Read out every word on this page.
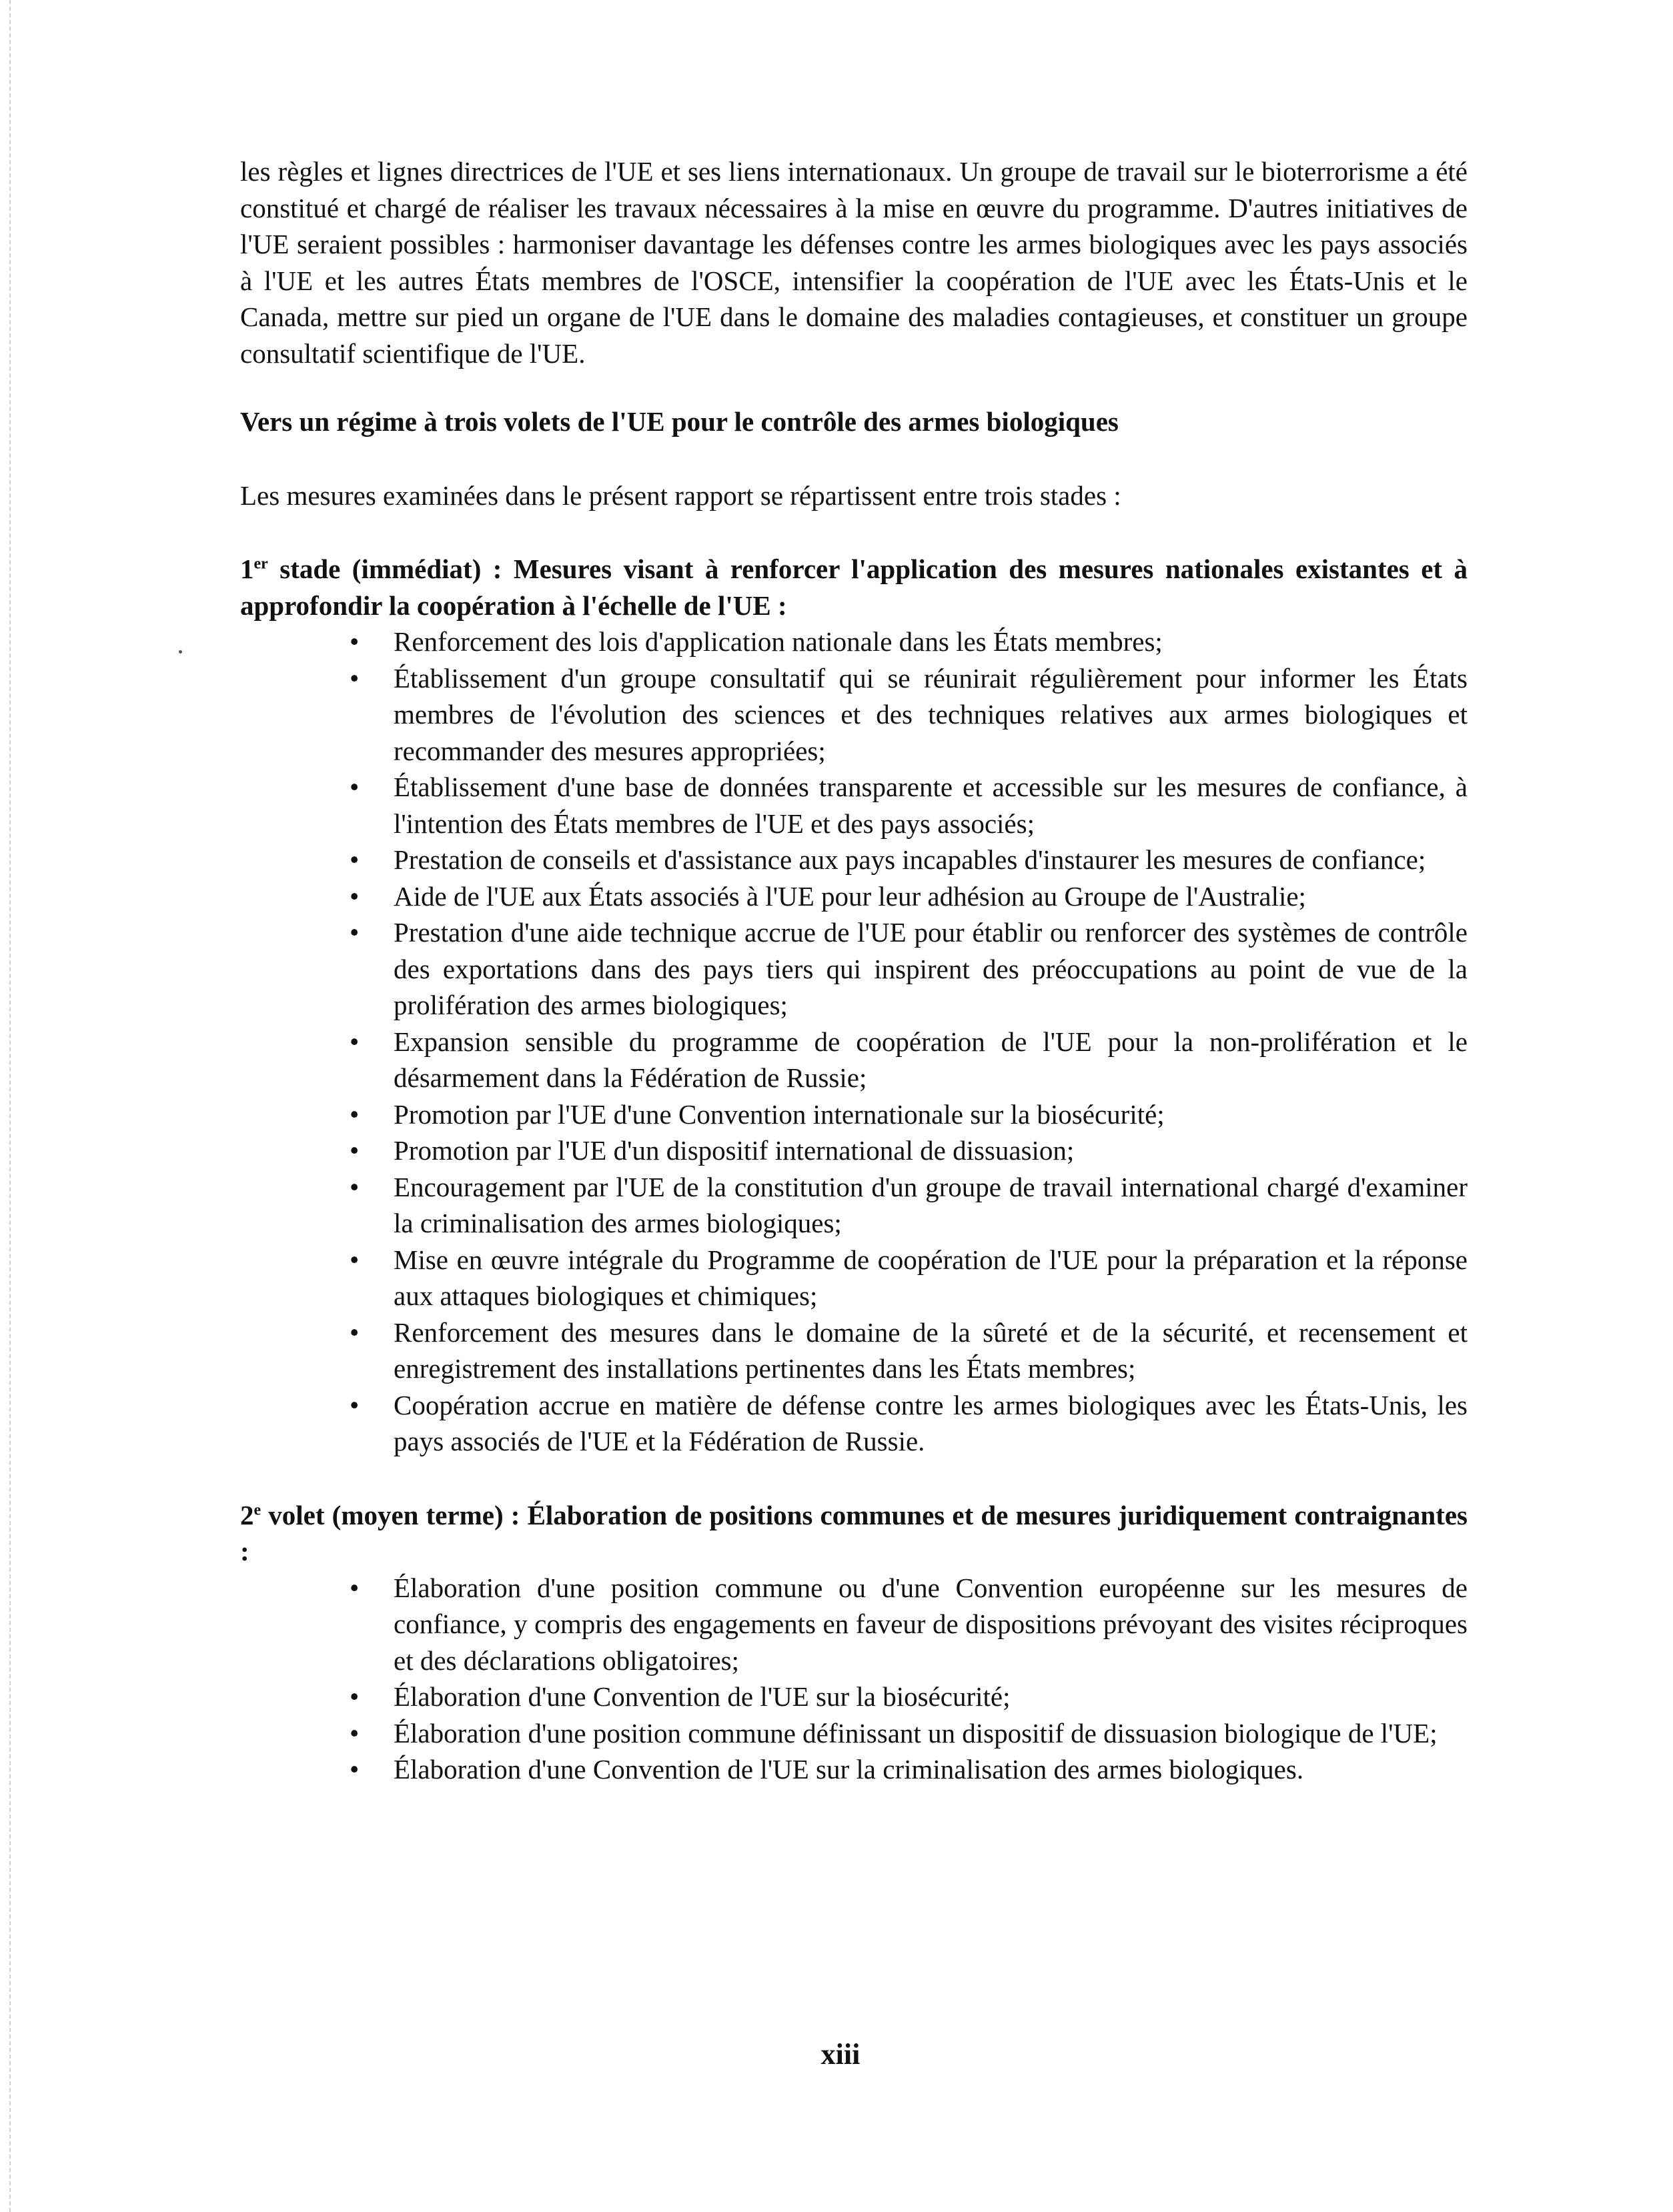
les règles et lignes directrices de l'UE et ses liens internationaux. Un groupe de travail sur le bioterrorisme a été constitué et chargé de réaliser les travaux nécessaires à la mise en œuvre du programme. D'autres initiatives de l'UE seraient possibles : harmoniser davantage les défenses contre les armes biologiques avec les pays associés à l'UE et les autres États membres de l'OSCE, intensifier la coopération de l'UE avec les États-Unis et le Canada, mettre sur pied un organe de l'UE dans le domaine des maladies contagieuses, et constituer un groupe consultatif scientifique de l'UE.

Vers un régime à trois volets de l'UE pour le contrôle des armes biologiques

Les mesures examinées dans le présent rapport se répartissent entre trois stades :

1er stade (immédiat) : Mesures visant à renforcer l'application des mesures nationales existantes et à approfondir la coopération à l'échelle de l'UE :

• Renforcement des lois d'application nationale dans les États membres;
• Établissement d'un groupe consultatif qui se réunirait régulièrement pour informer les États membres de l'évolution des sciences et des techniques relatives aux armes biologiques et recommander des mesures appropriées;
• Établissement d'une base de données transparente et accessible sur les mesures de confiance, à l'intention des États membres de l'UE et des pays associés;
• Prestation de conseils et d'assistance aux pays incapables d'instaurer les mesures de confiance;
• Aide de l'UE aux États associés à l'UE pour leur adhésion au Groupe de l'Australie;
• Prestation d'une aide technique accrue de l'UE pour établir ou renforcer des systèmes de contrôle des exportations dans des pays tiers qui inspirent des préoccupations au point de vue de la prolifération des armes biologiques;
• Expansion sensible du programme de coopération de l'UE pour la non-prolifération et le désarmement dans la Fédération de Russie;
• Promotion par l'UE d'une Convention internationale sur la biosécurité;
• Promotion par l'UE d'un dispositif international de dissuasion;
• Encouragement par l'UE de la constitution d'un groupe de travail international chargé d'examiner la criminalisation des armes biologiques;
• Mise en œuvre intégrale du Programme de coopération de l'UE pour la préparation et la réponse aux attaques biologiques et chimiques;
• Renforcement des mesures dans le domaine de la sûreté et de la sécurité, et recensement et enregistrement des installations pertinentes dans les États membres;
• Coopération accrue en matière de défense contre les armes biologiques avec les États-Unis, les pays associés de l'UE et la Fédération de Russie.

2e volet (moyen terme) : Élaboration de positions communes et de mesures juridiquement contraignantes :

• Élaboration d'une position commune ou d'une Convention européenne sur les mesures de confiance, y compris des engagements en faveur de dispositions prévoyant des visites réciproques et des déclarations obligatoires;
• Élaboration d'une Convention de l'UE sur la biosécurité;
• Élaboration d'une position commune définissant un dispositif de dissuasion biologique de l'UE;
• Élaboration d'une Convention de l'UE sur la criminalisation des armes biologiques.
xiii
